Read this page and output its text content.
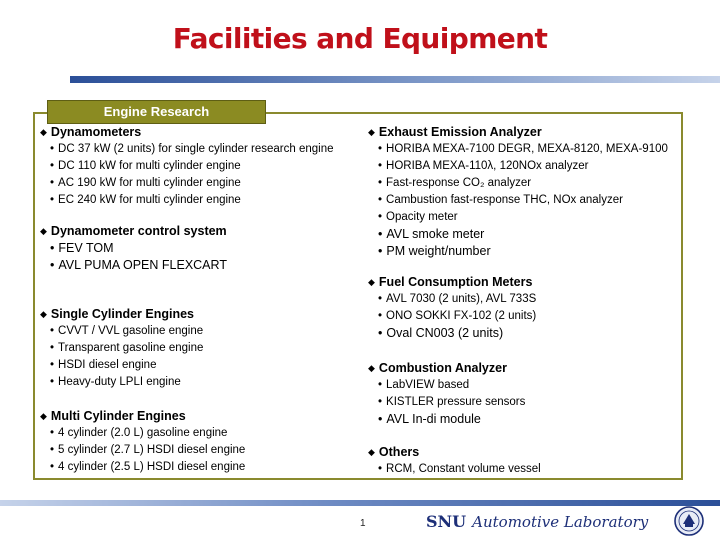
Facilities and Equipment
Engine Research
◆ Dynamometers
• DC 37 kW (2 units) for single cylinder research engine
• DC 110 kW for multi cylinder engine
• AC 190 kW for multi cylinder engine
• EC 240 kW for multi cylinder engine
◆ Dynamometer control system
• FEV TOM
• AVL PUMA OPEN FLEXCART
◆ Single Cylinder Engines
• CVVT / VVL gasoline engine
• Transparent gasoline engine
• HSDI diesel engine
• Heavy-duty LPLI engine
◆ Multi Cylinder Engines
• 4 cylinder (2.0 L) gasoline engine
• 5 cylinder (2.7 L) HSDI diesel engine
• 4 cylinder (2.5 L) HSDI diesel engine
◆ Exhaust Emission Analyzer
• HORIBA MEXA-7100 DEGR, MEXA-8120, MEXA-9100
• HORIBA MEXA-110λ, 120NOx analyzer
• Fast-response CO₂ analyzer
• Cambustion fast-response THC, NOx analyzer
• Opacity meter
• AVL smoke meter
• PM weight/number
◆ Fuel Consumption Meters
• AVL 7030 (2 units), AVL 733S
• ONO SOKKI FX-102 (2 units)
• Oval CN003 (2 units)
◆ Combustion Analyzer
• LabVIEW based
• KISTLER pressure sensors
• AVL In-di module
◆ Others
• RCM, Constant volume vessel
1	SNU Automotive Laboratory
